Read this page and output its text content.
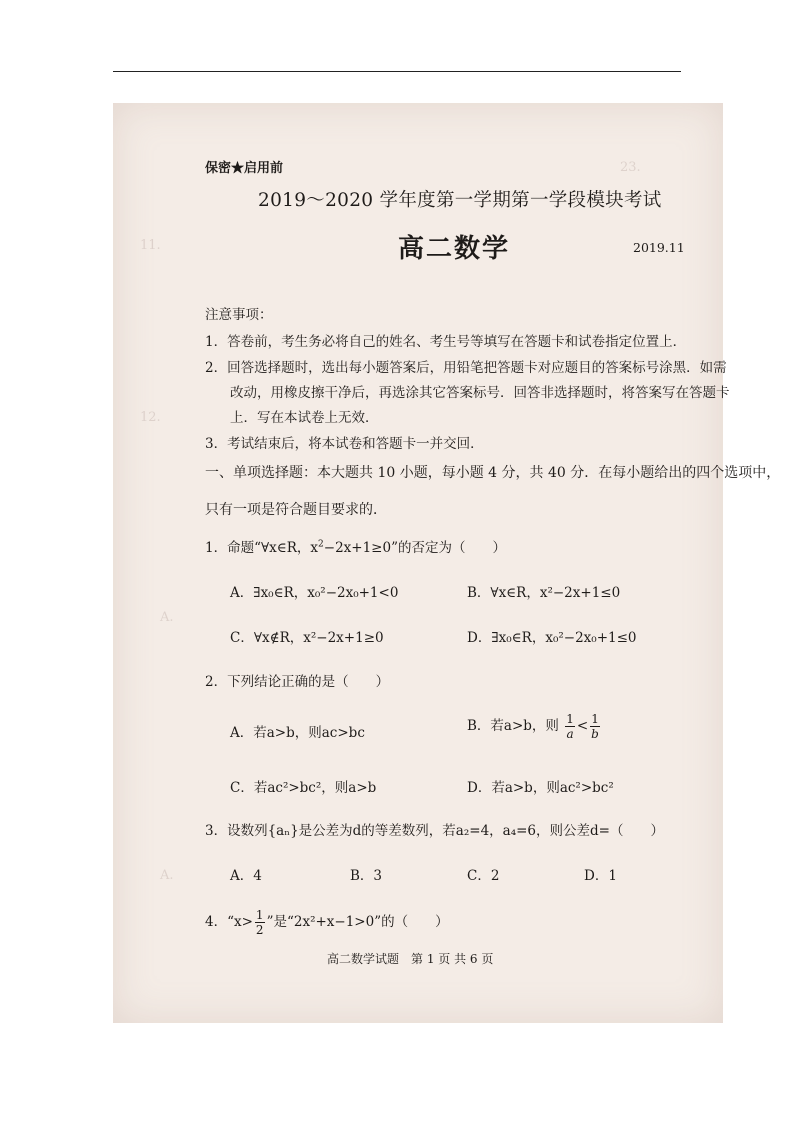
23.
11.
12.
A.
A.
保密★启用前
2019～2020 学年度第一学期第一学段模块考试
高二数学	2019.11
注意事项：
1．答卷前，考生务必将自己的姓名、考生号等填写在答题卡和试卷指定位置上．
2．回答选择题时，选出每小题答案后，用铅笔把答题卡对应题目的答案标号涂黑．如需
改动，用橡皮擦干净后，再选涂其它答案标号．回答非选择题时，将答案写在答题卡
上．写在本试卷上无效．
3．考试结束后，将本试卷和答题卡一并交回．
一、单项选择题：本大题共 10 小题，每小题 4 分，共 40 分．在每小题给出的四个选项中，
只有一项是符合题目要求的．
1．命题“∀x∈R，$x^2-2x+1\ge 0$”的否定为（　　）
A．∃x₀∈R，x₀²−2x₀+1<0	B．∀x∈R，x²−2x+1≤0
C．∀x∉R，x²−2x+1≥0	D．∃x₀∈R，x₀²−2x₀+1≤0
2．下列结论正确的是（　　）
A．若a>b，则ac>bc	B．若a>b，则 $\frac{1}{a} < \frac{1}{b}$
C．若ac²>bc²，则a>b	D．若a>b，则ac²>bc²
3．设数列{aₙ}是公差为d的等差数列，若a₂=4，a₄=6，则公差d=（　　）
A．4	B．3	C．2	D．1
4．“$x> \frac{1}{2}$ ”是“2x²+x−1>0”的（　　）
高二数学试题　第 1 页 共 6 页
